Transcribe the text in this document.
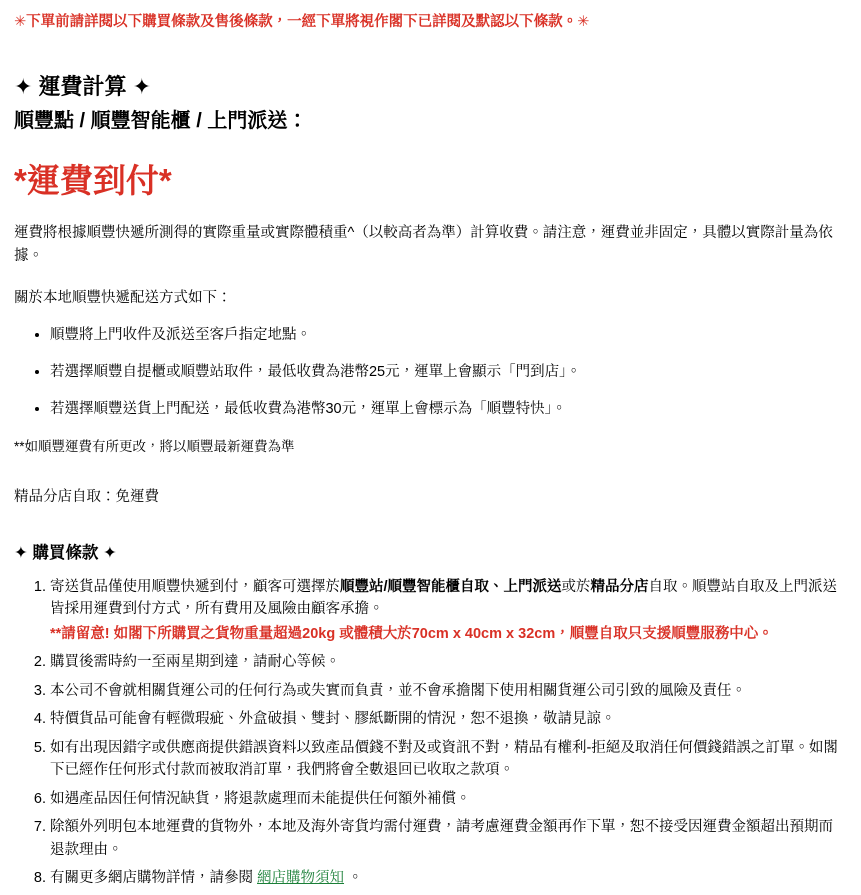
✳下單前請詳閱以下購買條款及售後條款，一經下單將視作閣下已詳閱及默認以下條款。✳

✦ 運費計算 ✦
順豐點 / 順豐智能櫃 / 上門派送：
*運費到付*

運費將根據順豐快遞所測得的實際重量或實際體積重^（以較高者為準）計算收費。請注意，運費並非固定，具體以實際計量為依據。

關於本地順豐快遞配送方式如下：

• 順豐將上門收件及派送至客戶指定地點。
• 若選擇順豐自提櫃或順豐站取件，最低收費為港幣25元，運單上會顯示「門到店」。
• 若選擇順豐送貨上門配送，最低收費為港幣30元，運單上會標示為「順豐特快」。

**如順豐運費有所更改，將以順豐最新運費為準

精品分店自取：免運費

✦ 購買條款 ✦
1. 寄送貨品僅使用順豐快遞到付，顧客可選擇於順豐站/順豐智能櫃自取、上門派送或於精品分店自取。順豐站自取及上門派送皆採用運費到付方式，所有費用及風險由顧客承擔。
**請留意! 如閣下所購買之貨物重量超過20kg 或體積大於70cm x 40cm x 32cm，順豐自取只支援順豐服務中心。
2. 購買後需時約一至兩星期到達，請耐心等候。
3. 本公司不會就相關貨運公司的任何行為或失實而負責，並不會承擔閣下使用相關貨運公司引致的風險及責任。
4. 特價貨品可能會有輕微瑕疵、外盒破損、雙封、膠紙斷開的情況，恕不退換，敬請見諒。
5. 如有出現因錯字或供應商提供錯誤資料以致產品價錢不對及或資訊不對，精品有權利-拒絕及取消任何價錢錯誤之訂單。如閣下已經作任何形式付款而被取消訂單，我們將會全數退回已收取之款項。
6. 如遇產品因任何情況缺貨，將退款處理而未能提供任何額外補償。
7. 除額外列明包本地運費的貨物外，本地及海外寄貨均需付運費，請考慮運費金額再作下單，恕不接受因運費金額超出預期而退款理由。
8. 有關更多網店購物詳情，請參閱 網店購物須知 。
